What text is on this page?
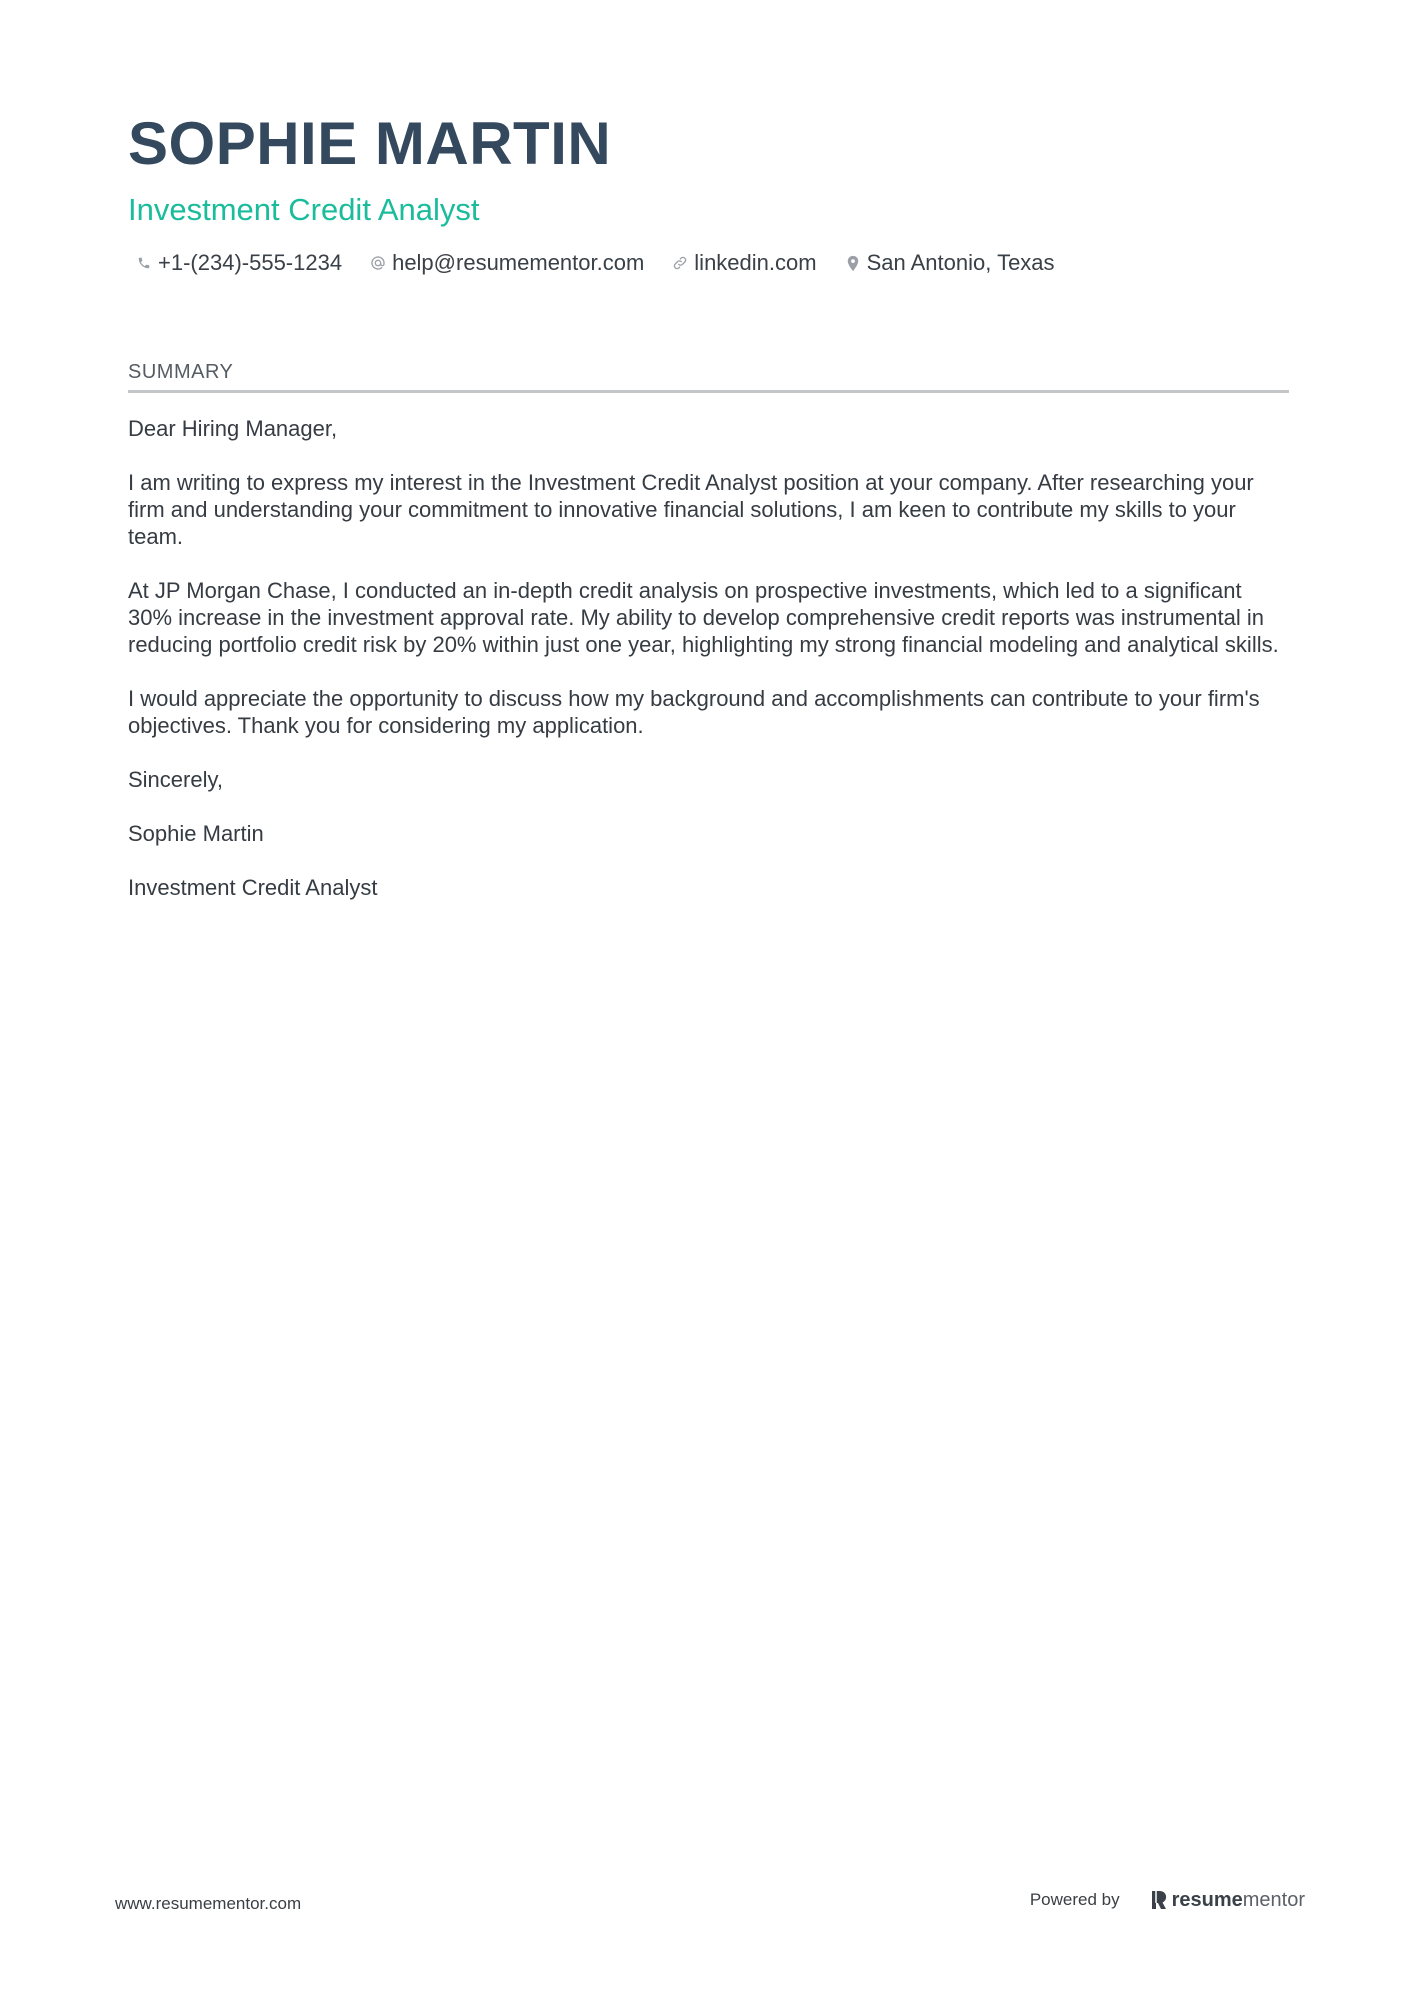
SOPHIE MARTIN
Investment Credit Analyst
+1-(234)-555-1234 help@resumementor.com linkedin.com San Antonio, Texas
SUMMARY

Dear Hiring Manager,

I am writing to express my interest in the Investment Credit Analyst position at your company. After researching your firm and understanding your commitment to innovative financial solutions, I am keen to contribute my skills to your team.

At JP Morgan Chase, I conducted an in-depth credit analysis on prospective investments, which led to a significant 30% increase in the investment approval rate. My ability to develop comprehensive credit reports was instrumental in reducing portfolio credit risk by 20% within just one year, highlighting my strong financial modeling and analytical skills.

I would appreciate the opportunity to discuss how my background and accomplishments can contribute to your firm's objectives. Thank you for considering my application.

Sincerely,

Sophie Martin

Investment Credit Analyst

www.resumementor.com	Powered by	resume mentor
